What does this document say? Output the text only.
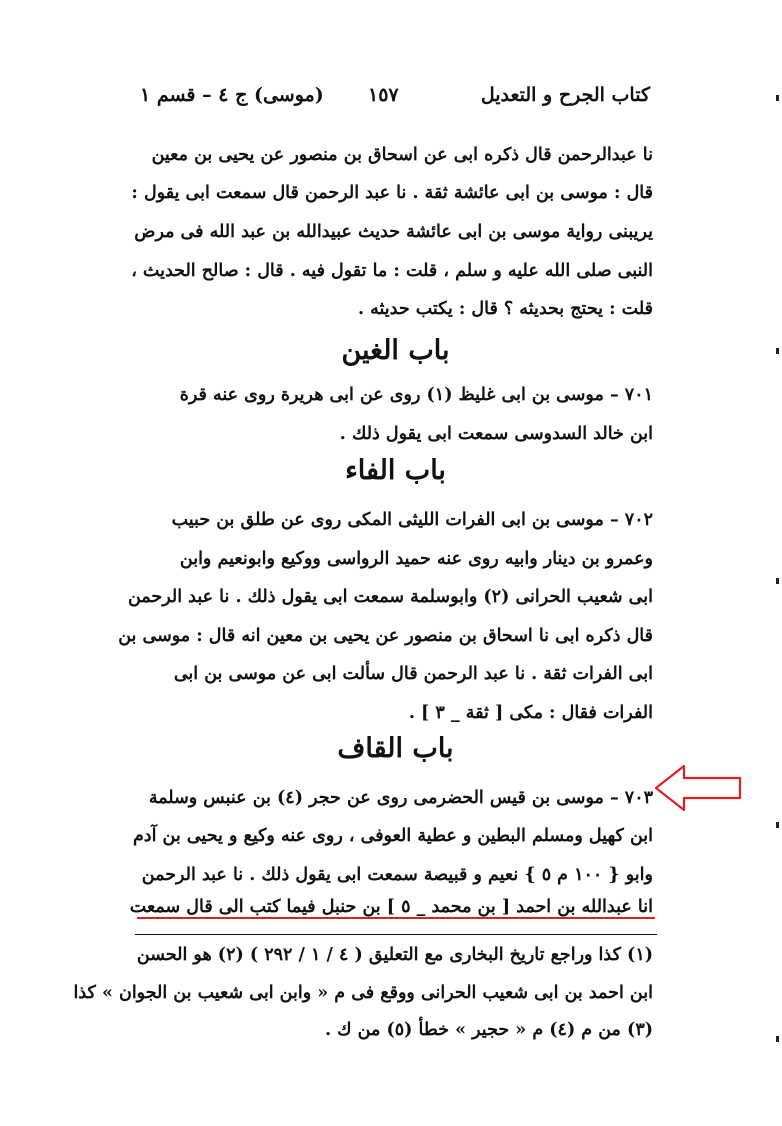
كتاب الجرح و التعديل
١٥٧
(موسى) ج ٤ – قسم ١
نا عبدالرحمن قال ذكره ابى عن اسحاق بن منصور عن يحيى بن معين
قال : موسى بن ابى عائشة ثقة . نا عبد الرحمن قال سمعت ابى يقول :
يريبنى رواية موسى بن ابى عائشة حديث عبيدالله بن عبد الله فى مرض
النبى صلى الله عليه و سلم ، قلت : ما تقول فيه . قال : صالح الحديث ،
قلت : يحتج بحديثه ؟ قال : يكتب حديثه .
باب الغين
٧٠١ – موسى بن ابى غليظ (١) روى عن ابى هريرة روى عنه قرة
ابن خالد السدوسى سمعت ابى يقول ذلك .
باب الفاء
٧٠٢ – موسى بن ابى الفرات الليثى المكى روى عن طلق بن حبيب
وعمرو بن دينار وابيه روى عنه حميد الرواسى ووكيع وابونعيم وابن
ابى شعيب الحرانى (٢) وابوسلمة سمعت ابى يقول ذلك . نا عبد الرحمن
قال ذكره ابى نا اسحاق بن منصور عن يحيى بن معين انه قال : موسى بن
ابى الفرات ثقة . نا عبد الرحمن قال سألت ابى عن موسى بن ابى
الفرات فقال : مكى [ ثقة _ ٣ ] .
باب القاف
٧٠٣ – موسى بن قيس الحضرمى روى عن حجر (٤) بن عنبس وسلمة
ابن كهيل ومسلم البطين و عطية العوفى ، روى عنه وكيع و يحيى بن آدم
وابو { ١٠٠ م ٥ } نعيم و قبيصة سمعت ابى يقول ذلك . نا عبد الرحمن
انا عبدالله بن احمد [ بن محمد _ ٥ ] بن حنبل فيما كتب الى قال سمعت
(١) كذا وراجع تاريخ البخارى مع التعليق ( ٤ / ١ / ٢٩٢ ) (٢) هو الحسن
ابن احمد بن ابى شعيب الحرانى ووقع فى م « وابن ابى شعيب بن الجوان » كذا
(٣) من م (٤) م « حجير » خطأ (٥) من ك .
